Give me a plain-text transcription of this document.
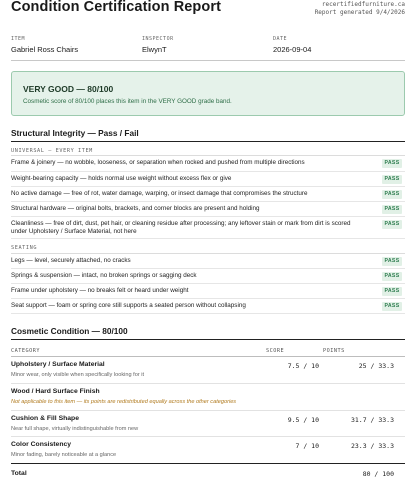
Condition Certification Report	recertifiedfurniture.ca
Report generated 9/4/2026
ITEM
Gabriel Ross Chairs
INSPECTOR
ElwynT
DATE
2026-09-04
VERY GOOD — 80/100
Cosmetic score of 80/100 places this item in the VERY GOOD grade band.
Structural Integrity — Pass / Fail
UNIVERSAL — EVERY ITEM
Frame & joinery — no wobble, looseness, or separation when rocked and pushed from multiple directions	PASS
Weight-bearing capacity — holds normal use weight without excess flex or give	PASS
No active damage — free of rot, water damage, warping, or insect damage that compromises the structure	PASS
Structural hardware — original bolts, brackets, and corner blocks are present and holding	PASS
Cleanliness — free of dirt, dust, pet hair, or cleaning residue after processing; any leftover stain or mark from dirt is scored under Upholstery / Surface Material, not here
PASS
SEATING
Legs — level, securely attached, no cracks	PASS
Springs & suspension — intact, no broken springs or sagging deck	PASS
Frame under upholstery — no breaks felt or heard under weight	PASS
Seat support — foam or spring core still supports a seated person without collapsing	PASS
Cosmetic Condition — 80/100
CATEGORY	SCORE	POINTS
Upholstery / Surface Material
Minor wear, only visible when specifically looking for it
7.5 / 10	25 / 33.3
Wood / Hard Surface Finish
Not applicable to this item — its points are redistributed equally across the other categories
Cushion & Fill Shape
Near full shape, virtually indistinguishable from new
9.5 / 10	31.7 / 33.3
Color Consistency
Minor fading, barely noticeable at a glance
7 / 10	23.3 / 33.3
Total	80 / 100
